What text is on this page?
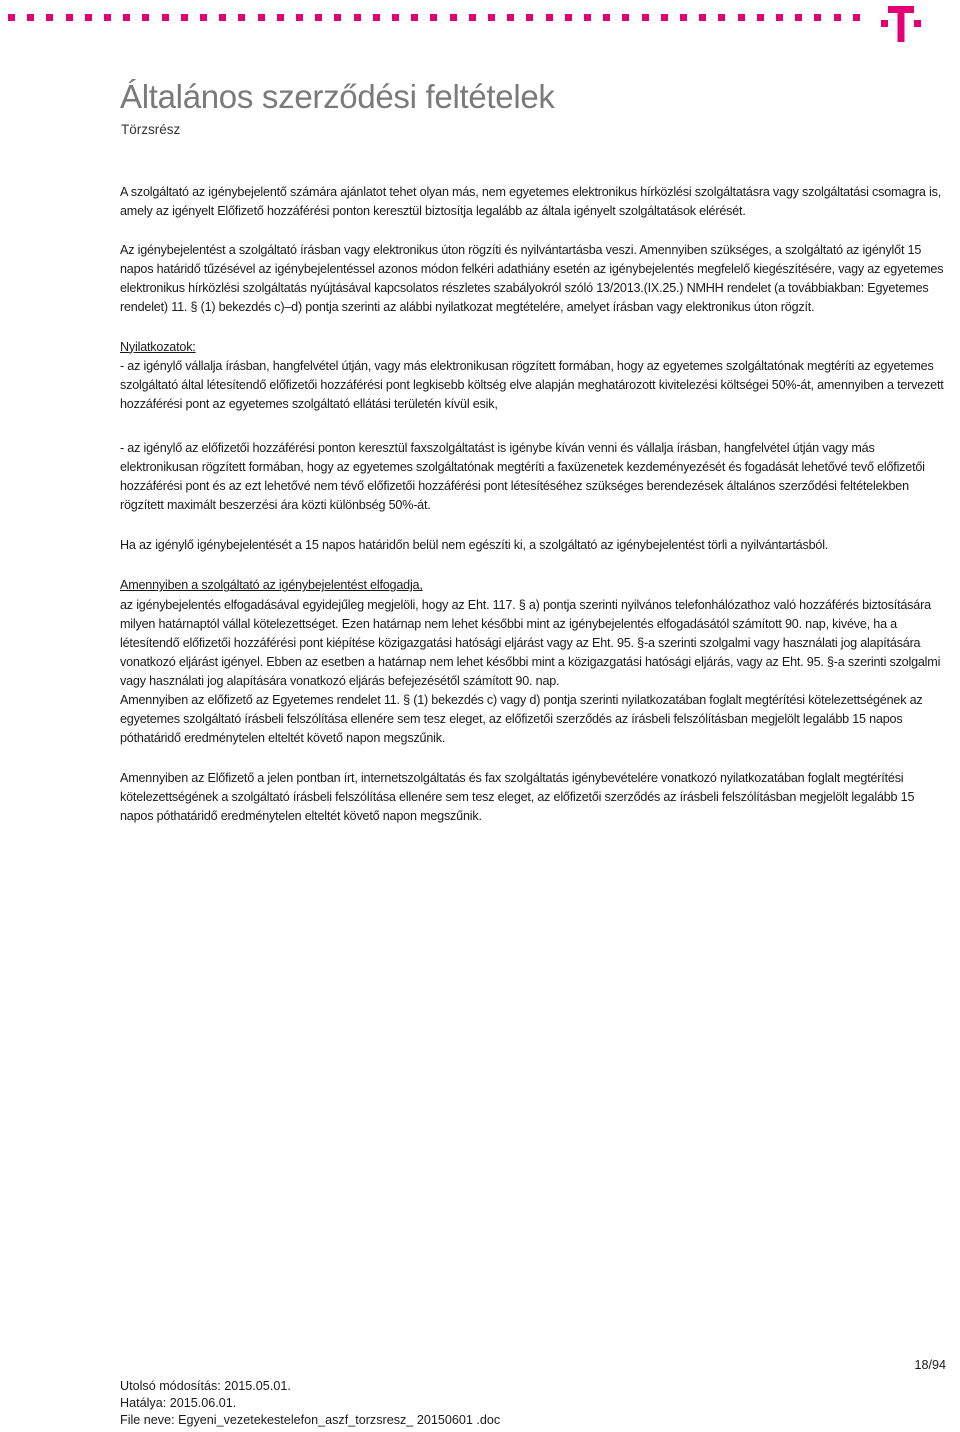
Általános szerződési feltételek
Törzsrész

A szolgáltató az igénybejelentő számára ajánlatot tehet olyan más, nem egyetemes elektronikus hírközlési szolgáltatásra vagy szolgáltatási csomagra is, amely az igényelt Előfizető hozzáférési ponton keresztül biztosítja legalább az általa igényelt szolgáltatások elérését.

Az igénybejelentést a szolgáltató írásban vagy elektronikus úton rögzíti és nyilvántartásba veszi. Amennyiben szükséges, a szolgáltató az igénylőt 15 napos határidő tűzésével az igénybejelentéssel azonos módon felkéri adathiány esetén az igénybejelentés megfelelő kiegészítésére, vagy az egyetemes elektronikus hírközlési szolgáltatás nyújtásával kapcsolatos részletes szabályokról szóló 13/2013.(IX.25.) NMHH rendelet (a továbbiakban: Egyetemes rendelet) 11. § (1) bekezdés c)–d) pontja szerinti az alábbi nyilatkozat megtételére, amelyet írásban vagy elektronikus úton rögzít.

Nyilatkozatok:

- az igénylő vállalja írásban, hangfelvétel útján, vagy más elektronikusan rögzített formában, hogy az egyetemes szolgáltatónak megtéríti az egyetemes szolgáltató által létesítendő előfizetői hozzáférési pont legkisebb költség elve alapján meghatározott kivitelezési költségei 50%-át, amennyiben a tervezett hozzáférési pont az egyetemes szolgáltató ellátási területén kívül esik,

- az igénylő az előfizetői hozzáférési ponton keresztül faxszolgáltatást is igénybe kíván venni és vállalja írásban, hangfelvétel útján vagy más elektronikusan rögzített formában, hogy az egyetemes szolgáltatónak megtéríti a faxüzenetek kezdeményezését és fogadását lehetővé tevő előfizetői hozzáférési pont és az ezt lehetővé nem tévő előfizetői hozzáférési pont létesítéséhez szükséges berendezések általános szerződési feltételekben rögzített maximált beszerzési ára közti különbség 50%-át.

Ha az igénylő igénybejelentését a 15 napos határidőn belül nem egészíti ki, a szolgáltató az igénybejelentést törli a nyilvántartásból.

Amennyiben a szolgáltató az igénybejelentést elfogadja,

az igénybejelentés elfogadásával egyidejűleg megjelöli, hogy az Eht. 117. § a) pontja szerinti nyilvános telefonhálózathoz való hozzáférés biztosítására milyen határnaptól vállal kötelezettséget. Ezen határnap nem lehet későbbi mint az igénybejelentés elfogadásától számított 90. nap, kivéve, ha a létesítendő előfizetői hozzáférési pont kiépítése közigazgatási hatósági eljárást vagy az Eht. 95. §-a szerinti szolgalmi vagy használati jog alapítására vonatkozó eljárást igényel. Ebben az esetben a határnap nem lehet későbbi mint a közigazgatási hatósági eljárás, vagy az Eht. 95. §-a szerinti szolgalmi vagy használati jog alapítására vonatkozó eljárás befejezésétől számított 90. nap.

Amennyiben az előfizető az Egyetemes rendelet 11. § (1) bekezdés c) vagy d) pontja szerinti nyilatkozatában foglalt megtérítési kötelezettségének az egyetemes szolgáltató írásbeli felszólítása ellenére sem tesz eleget, az előfizetői szerződés az írásbeli felszólításban megjelölt legalább 15 napos póthatáridő eredménytelen elteltét követő napon megszűnik.

Amennyiben az Előfizető a jelen pontban írt, internetszolgáltatás és fax szolgáltatás igénybevételére vonatkozó nyilatkozatában foglalt megtérítési kötelezettségének a szolgáltató írásbeli felszólítása ellenére sem tesz eleget, az előfizetői szerződés az írásbeli felszólításban megjelölt legalább 15 napos póthatáridő eredménytelen elteltét követő napon megszűnik.

18/94
Utolsó módosítás: 2015.05.01.
Hatálya: 2015.06.01.
File neve: Egyeni_vezetekestelefon_aszf_torzsresz_ 20150601 .doc
